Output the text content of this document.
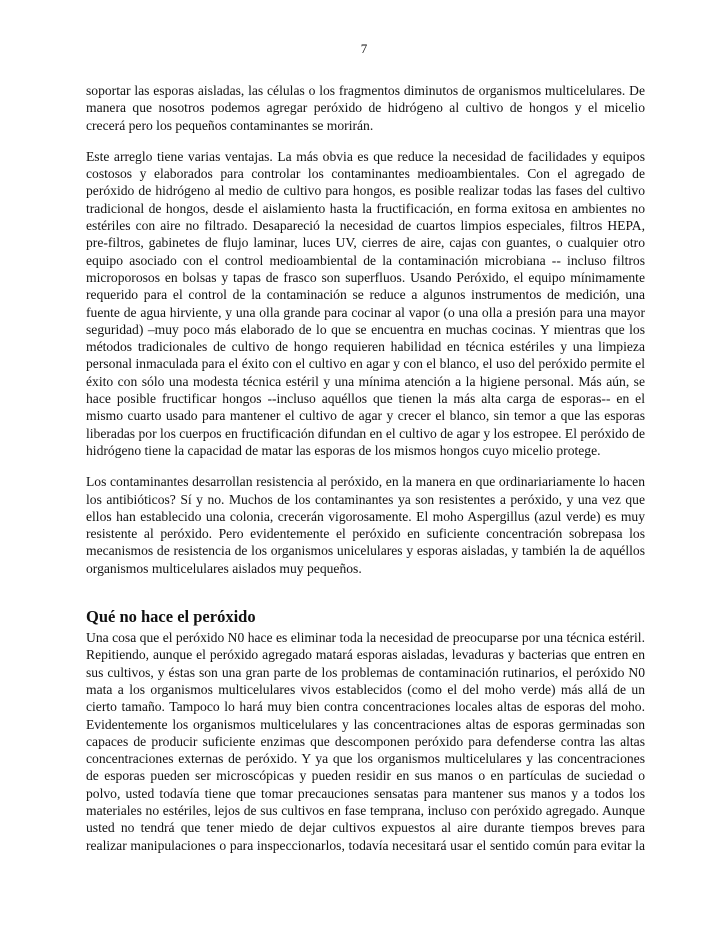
7

soportar las esporas aisladas, las células o los fragmentos diminutos de organismos multicelulares. De manera que nosotros podemos agregar peróxido de hidrógeno al cultivo de hongos y el micelio crecerá pero los pequeños contaminantes se morirán.

Este arreglo tiene varias ventajas. La más obvia es que reduce la necesidad de facilidades y equipos costosos y elaborados para controlar los contaminantes medioambientales. Con el agregado de peróxido de hidrógeno al medio de cultivo para hongos, es posible realizar todas las fases del cultivo tradicional de hongos, desde el aislamiento hasta la fructificación, en forma exitosa en ambientes no estériles con aire no filtrado. Desapareció la necesidad de cuartos limpios especiales, filtros HEPA, pre-filtros, gabinetes de flujo laminar, luces UV, cierres de aire, cajas con guantes, o cualquier otro equipo asociado con el control medioambiental de la contaminación microbiana -- incluso filtros microporosos en bolsas y tapas de frasco son superfluos. Usando Peróxido, el equipo mínimamente requerido para el control de la contaminación se reduce a algunos instrumentos de medición, una fuente de agua hirviente, y una olla grande para cocinar al vapor (o una olla a presión para una mayor seguridad) –muy poco más elaborado de lo que se encuentra en muchas cocinas. Y mientras que los métodos tradicionales de cultivo de hongo requieren habilidad en técnica estériles y una limpieza personal inmaculada para el éxito con el cultivo en agar y con el blanco, el uso del peróxido permite el éxito con sólo una modesta técnica estéril y una mínima atención a la higiene personal. Más aún, se hace posible fructificar hongos --incluso aquéllos que tienen la más alta carga de esporas-- en el mismo cuarto usado para mantener el cultivo de agar y crecer el blanco, sin temor a que las esporas liberadas por los cuerpos en fructificación difundan en el cultivo de agar y los estropee. El peróxido de hidrógeno tiene la capacidad de matar las esporas de los mismos hongos cuyo micelio protege.

Los contaminantes desarrollan resistencia al peróxido, en la manera en que ordinariariamente lo hacen los antibióticos? Sí y no. Muchos de los contaminantes ya son resistentes a peróxido, y una vez que ellos han establecido una colonia, crecerán vigorosamente. El moho Aspergillus (azul verde) es muy resistente al peróxido. Pero evidentemente el peróxido en suficiente concentración sobrepasa los mecanismos de resistencia de los organismos unicelulares y esporas aisladas, y también la de aquéllos organismos multicelulares aislados muy pequeños.

Qué no hace el peróxido

Una cosa que el peróxido N0 hace es eliminar toda la necesidad de preocuparse por una técnica estéril. Repitiendo, aunque el peróxido agregado matará esporas aisladas, levaduras y bacterias que entren en sus cultivos, y éstas son una gran parte de los problemas de contaminación rutinarios, el peróxido N0 mata a los organismos multicelulares vivos establecidos (como el del moho verde) más allá de un cierto tamaño. Tampoco lo hará muy bien contra concentraciones locales altas de esporas del moho. Evidentemente los organismos multicelulares y las concentraciones altas de esporas germinadas son capaces de producir suficiente enzimas que descomponen peróxido para defenderse contra las altas concentraciones externas de peróxido. Y ya que los organismos multicelulares y las concentraciones de esporas pueden ser microscópicas y pueden residir en sus manos o en partículas de suciedad o polvo, usted todavía tiene que tomar precauciones sensatas para mantener sus manos y a todos los materiales no estériles, lejos de sus cultivos en fase temprana, incluso con peróxido agregado. Aunque usted no tendrá que tener miedo de dejar cultivos expuestos al aire durante tiempos breves para realizar manipulaciones o para inspeccionarlos, todavía necesitará usar el sentido común para evitar la
